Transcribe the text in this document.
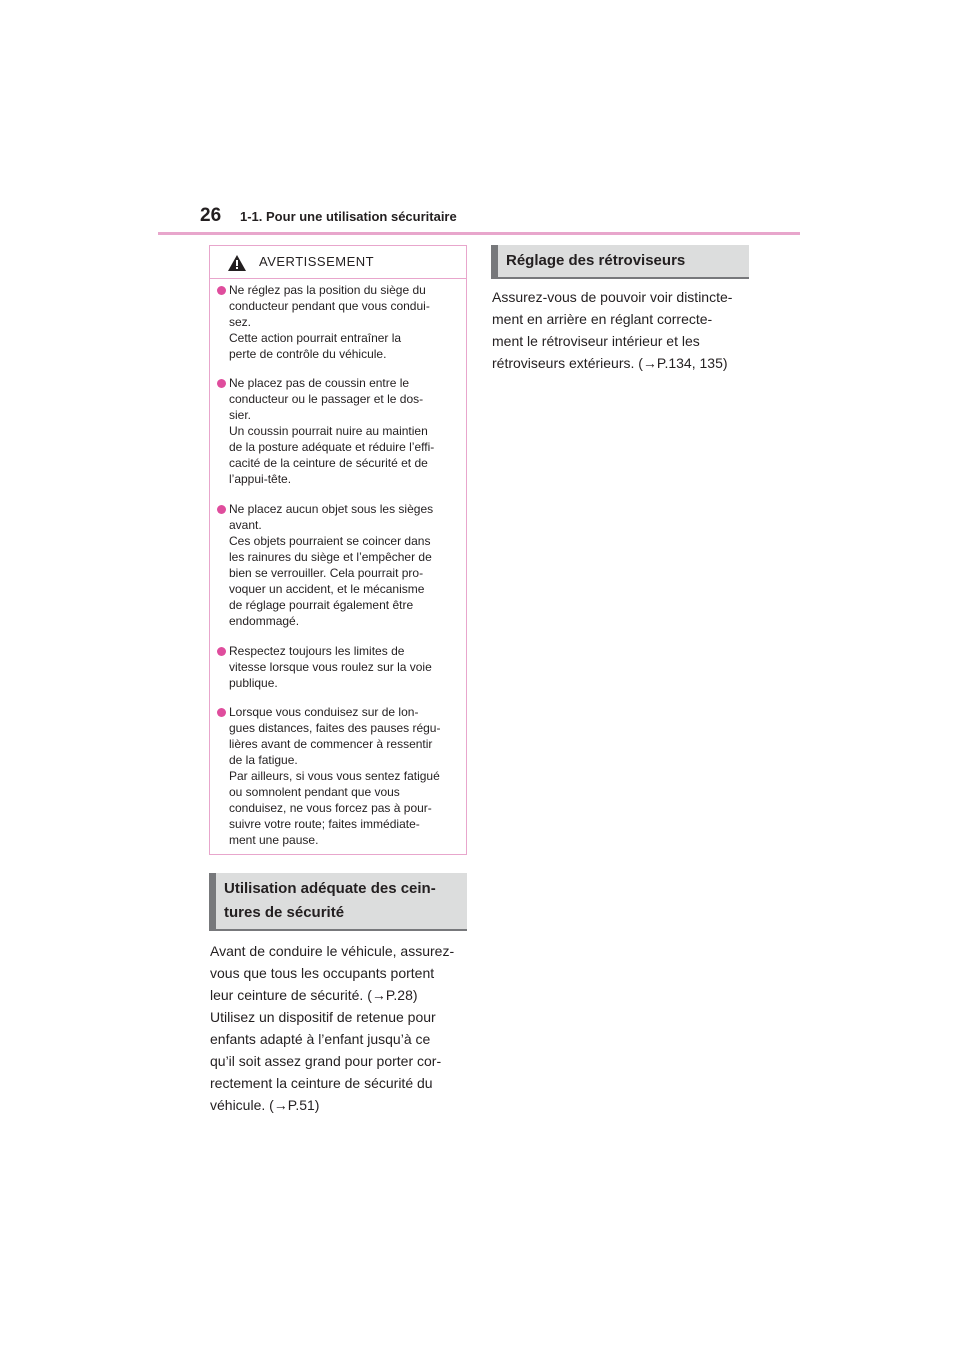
26 1-1. Pour une utilisation sécuritaire
AVERTISSEMENT
Ne réglez pas la position du siège du
conducteur pendant que vous condui-
sez.
Cette action pourrait entraîner la
perte de contrôle du véhicule.
Ne placez pas de coussin entre le
conducteur ou le passager et le dos-
sier.
Un coussin pourrait nuire au maintien
de la posture adéquate et réduire l’effi-
cacité de la ceinture de sécurité et de
l’appui-tête.
Ne placez aucun objet sous les sièges
avant.
Ces objets pourraient se coincer dans
les rainures du siège et l’empêcher de
bien se verrouiller. Cela pourrait pro-
voquer un accident, et le mécanisme
de réglage pourrait également être
endommagé.
Respectez toujours les limites de
vitesse lorsque vous roulez sur la voie
publique.
Lorsque vous conduisez sur de lon-
gues distances, faites des pauses régu-
lières avant de commencer à ressentir
de la fatigue.
Par ailleurs, si vous vous sentez fatigué
ou somnolent pendant que vous
conduisez, ne vous forcez pas à pour-
suivre votre route; faites immédiate-
ment une pause.
Utilisation adéquate des cein-
tures de sécurité
Avant de conduire le véhicule, assurez-
vous que tous les occupants portent
leur ceinture de sécurité. (→P.28)
Utilisez un dispositif de retenue pour
enfants adapté à l’enfant jusqu’à ce
qu’il soit assez grand pour porter cor-
rectement la ceinture de sécurité du
véhicule. (→P.51)
Réglage des rétroviseurs
Assurez-vous de pouvoir voir distincte-
ment en arrière en réglant correcte-
ment le rétroviseur intérieur et les
rétroviseurs extérieurs. (→P.134, 135)
